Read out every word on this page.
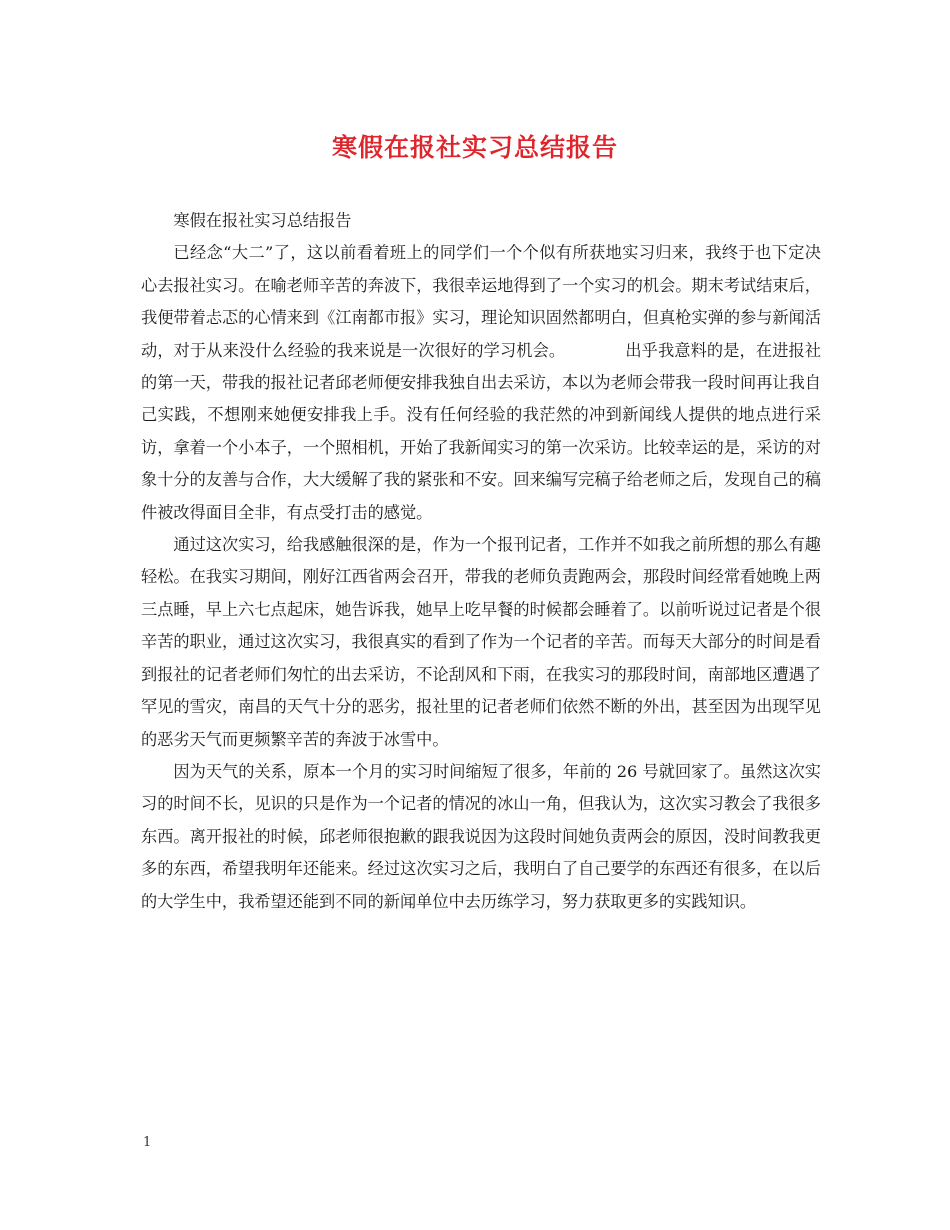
寒假在报社实习总结报告

寒假在报社实习总结报告

已经念“大二”了，这以前看着班上的同学们一个个似有所获地实习归来，我终于也下定决心去报社实习。在喻老师辛苦的奔波下，我很幸运地得到了一个实习的机会。期末考试结束后，我便带着忐忑的心情来到《江南都市报》实习，理论知识固然都明白，但真枪实弹的参与新闻活动，对于从来没什么经验的我来说是一次很好的学习机会。	出乎我意料的是，在进报社的第一天，带我的报社记者邱老师便安排我独自出去采访，本以为老师会带我一段时间再让我自己实践，不想刚来她便安排我上手。没有任何经验的我茫然的冲到新闻线人提供的地点进行采访，拿着一个小本子，一个照相机，开始了我新闻实习的第一次采访。比较幸运的是，采访的对象十分的友善与合作，大大缓解了我的紧张和不安。回来编写完稿子给老师之后，发现自己的稿件被改得面目全非，有点受打击的感觉。

通过这次实习，给我感触很深的是，作为一个报刊记者，工作并不如我之前所想的那么有趣轻松。在我实习期间，刚好江西省两会召开，带我的老师负责跑两会，那段时间经常看她晚上两三点睡，早上六七点起床，她告诉我，她早上吃早餐的时候都会睡着了。以前听说过记者是个很辛苦的职业，通过这次实习，我很真实的看到了作为一个记者的辛苦。而每天大部分的时间是看到报社的记者老师们匆忙的出去采访，不论刮风和下雨，在我实习的那段时间，南部地区遭遇了罕见的雪灾，南昌的天气十分的恶劣，报社里的记者老师们依然不断的外出，甚至因为出现罕见的恶劣天气而更频繁辛苦的奔波于冰雪中。

因为天气的关系，原本一个月的实习时间缩短了很多，年前的 26 号就回家了。虽然这次实习的时间不长，见识的只是作为一个记者的情况的冰山一角，但我认为，这次实习教会了我很多东西。离开报社的时候，邱老师很抱歉的跟我说因为这段时间她负责两会的原因，没时间教我更多的东西，希望我明年还能来。经过这次实习之后，我明白了自己要学的东西还有很多，在以后的大学生中，我希望还能到不同的新闻单位中去历练学习，努力获取更多的实践知识。

1
